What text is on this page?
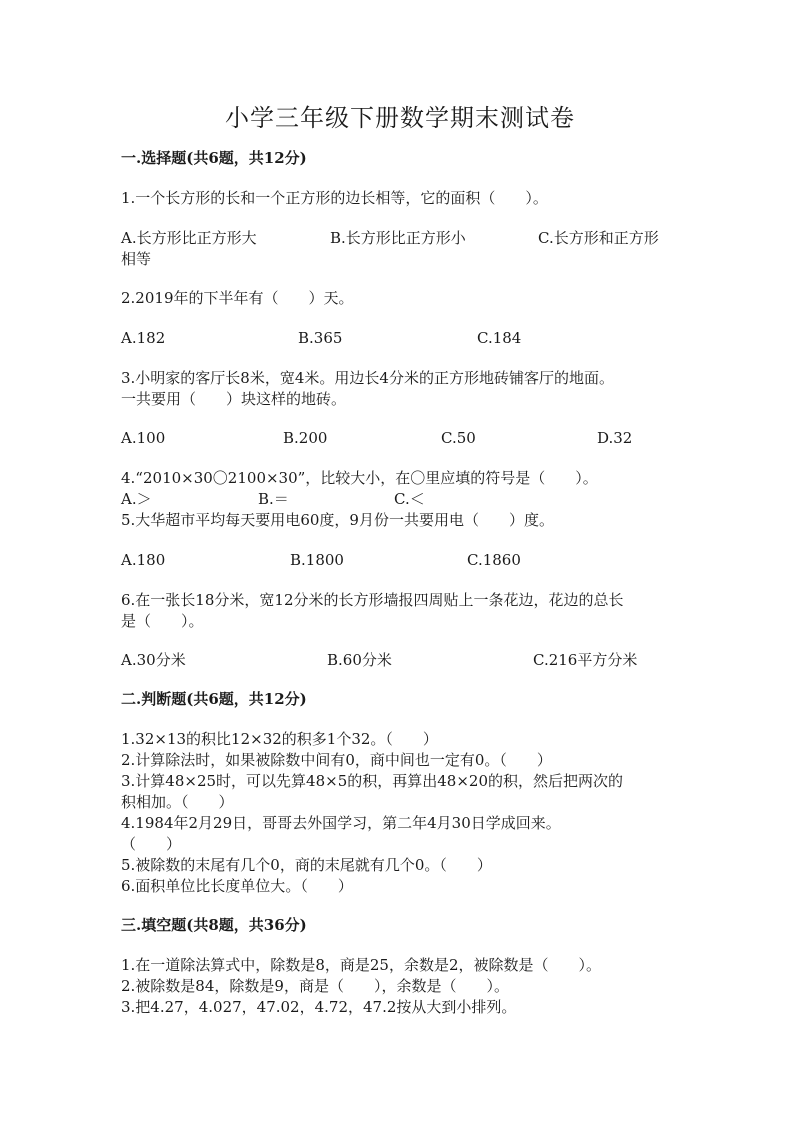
小学三年级下册数学期末测试卷
一.选择题(共6题，共12分)
1.一个长方形的长和一个正方形的边长相等，它的面积（　　）。
A.长方形比正方形大	B.长方形比正方形小	C.长方形和正方形
相等
2.2019年的下半年有（　　）天。
A.182	B.365	C.184
3.小明家的客厅长8米，宽4米。用边长4分米的正方形地砖铺客厅的地面。
一共要用（　　）块这样的地砖。
A.100	B.200	C.50	D.32
4.“2010×30〇2100×30”，比较大小，在〇里应填的符号是（　　）。
A.＞	B.＝	C.＜
5.大华超市平均每天要用电60度，9月份一共要用电（　　）度。
A.180	B.1800	C.1860
6.在一张长18分米，宽12分米的长方形墙报四周贴上一条花边，花边的总长
是（　　）。
A.30分米	B.60分米	C.216平方分米
二.判断题(共6题，共12分)
1.32×13的积比12×32的积多1个32。（　　）
2.计算除法时，如果被除数中间有0，商中间也一定有0。（　　）
3.计算48×25时，可以先算48×5的积，再算出48×20的积，然后把两次的
积相加。（　　）
4.1984年2月29日，哥哥去外国学习，第二年4月30日学成回来。
（　　）
5.被除数的末尾有几个0，商的末尾就有几个0。（　　）
6.面积单位比长度单位大。（　　）
三.填空题(共8题，共36分)
1.在一道除法算式中，除数是8，商是25，余数是2，被除数是（　　）。
2.被除数是84，除数是9，商是（　　），余数是（　　）。
3.把4.27，4.027，47.02，4.72，47.2按从大到小排列。
